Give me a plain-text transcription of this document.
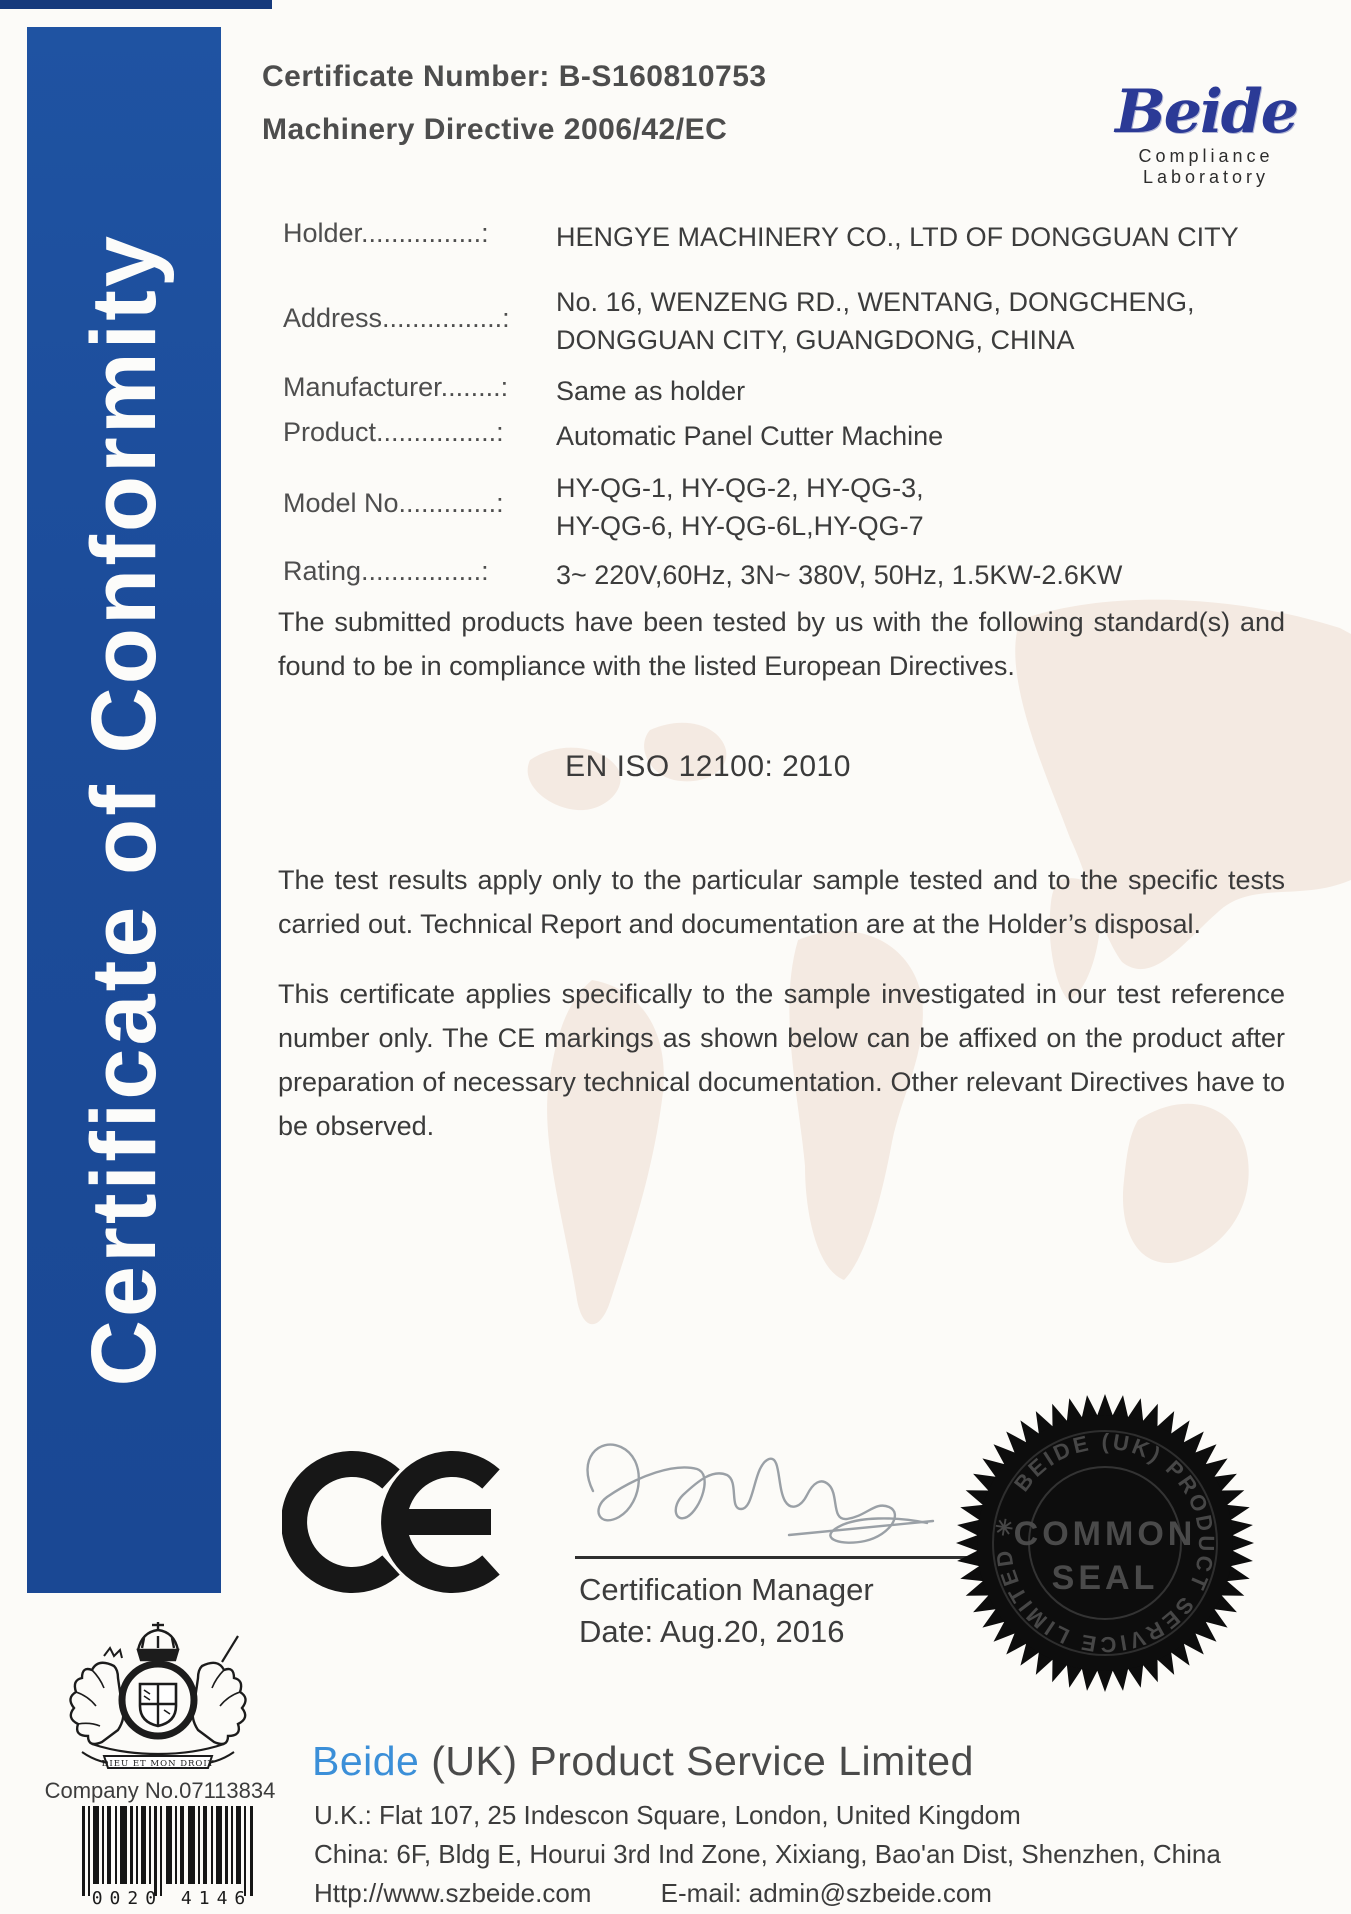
Certificate of Conformity
Certificate Number: B-S160810753
Machinery Directive 2006/42/EC	Beide
Compliance Laboratory
Holder................:	HENGYE MACHINERY CO., LTD OF DONGGUAN CITY
Address................:
No. 16, WENZENG RD., WENTANG, DONGCHENG,
DONGGUAN CITY, GUANGDONG, CHINA
Manufacturer........:	Same as holder
Product................:	Automatic Panel Cutter Machine
Model No.............:	HY-QG-1, HY-QG-2, HY-QG-3,
HY-QG-6, HY-QG-6L,HY-QG-7
Rating................:	3~ 220V,60Hz, 3N~ 380V, 50Hz, 1.5KW-2.6KW
The submitted products have been tested by us with the following standard(s) and found to be in compliance with the listed European Directives.
EN ISO 12100: 2010
The test results apply only to the particular sample tested and to the specific tests carried out. Technical Report and documentation are at the Holder’s disposal.
This certificate applies specifically to the sample investigated in our test reference number only. The CE markings as shown below can be affixed on the product after preparation of necessary technical documentation. Other relevant Directives have to be observed.
Certification Manager
Date: Aug.20, 2016
BEIDE (UK) PRODUCT SERVICE LIMITED ✳
COMMON
SEAL
DIEU ET MON DROIT
Company No.07113834
0020 4146
Beide (UK) Product Service Limited
U.K.: Flat 107, 25 Indescon Square, London, United Kingdom
China: 6F, Bldg E, Hourui 3rd Ind Zone, Xixiang, Bao'an Dist, Shenzhen, China
Http://www.szbeide.com	E-mail: admin@szbeide.com
